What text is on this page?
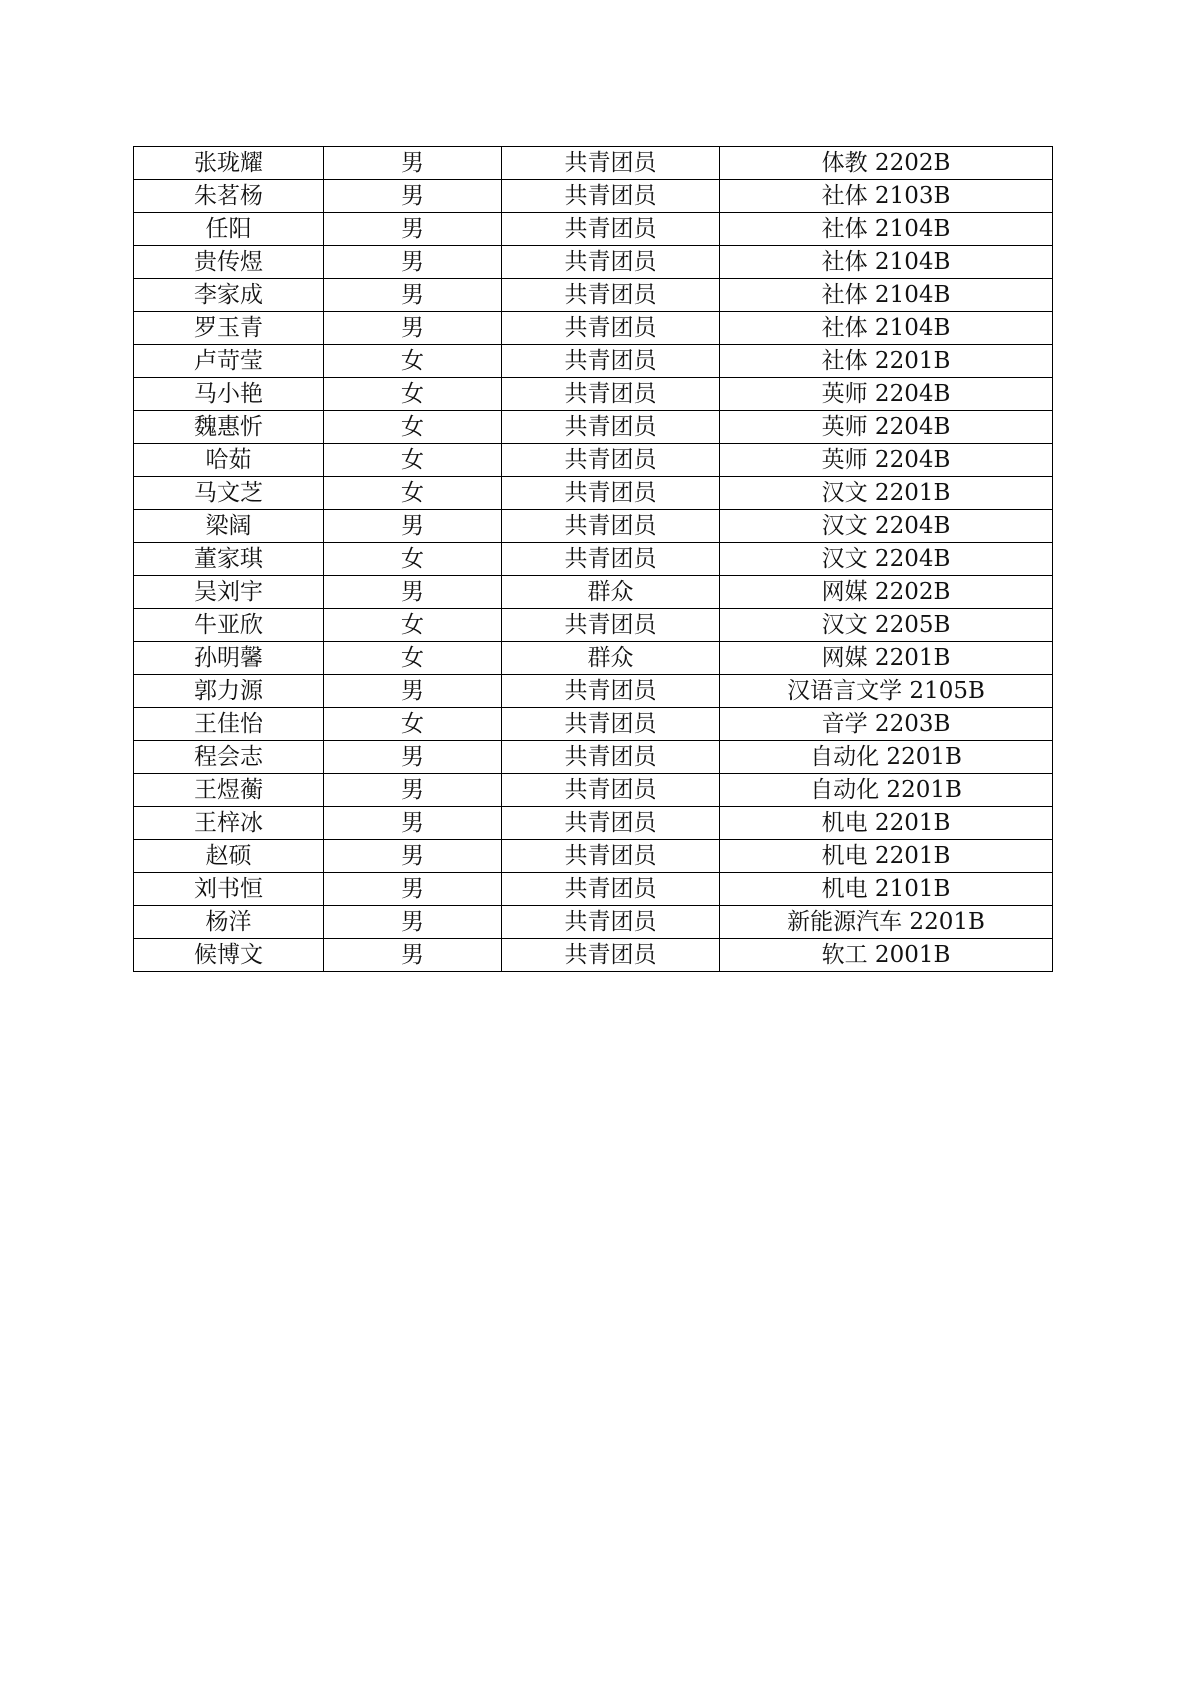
张珑耀	男	共青团员	体教 2202B
朱茗杨	男	共青团员	社体 2103B
任阳	男	共青团员	社体 2104B
贵传煜	男	共青团员	社体 2104B
李家成	男	共青团员	社体 2104B
罗玉青	男	共青团员	社体 2104B
卢苛莹	女	共青团员	社体 2201B
马小艳	女	共青团员	英师 2204B
魏惠忻	女	共青团员	英师 2204B
哈茹	女	共青团员	英师 2204B
马文芝	女	共青团员	汉文 2201B
梁阔	男	共青团员	汉文 2204B
董家琪	女	共青团员	汉文 2204B
吴刘宇	男	群众	网媒 2202B
牛亚欣	女	共青团员	汉文 2205B
孙明馨	女	群众	网媒 2201B
郭力源	男	共青团员	汉语言文学 2105B
王佳怡	女	共青团员	音学 2203B
程会志	男	共青团员	自动化 2201B
王煜蘅	男	共青团员	自动化 2201B
王梓冰	男	共青团员	机电 2201B
赵硕	男	共青团员	机电 2201B
刘书恒	男	共青团员	机电 2101B
杨洋	男	共青团员	新能源汽车 2201B
候博文	男	共青团员	软工 2001B
